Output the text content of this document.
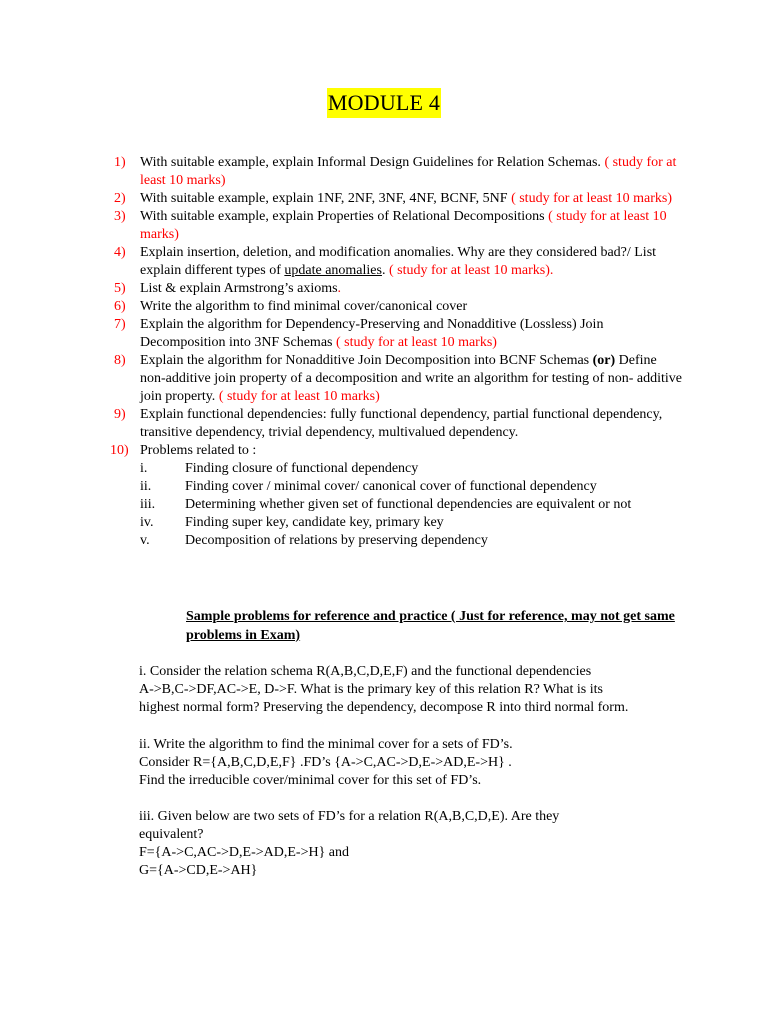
MODULE 4
1) With suitable example, explain Informal Design Guidelines for Relation Schemas. ( study for at least 10 marks)
2) With suitable example, explain 1NF, 2NF, 3NF, 4NF, BCNF, 5NF ( study for at least 10 marks)
3) With suitable example, explain Properties of Relational Decompositions ( study for at least 10 marks)
4) Explain insertion, deletion, and modification anomalies. Why are they considered bad?/ List explain different types of update anomalies. ( study for at least 10 marks).
5) List & explain Armstrong’s axioms.
6) Write the algorithm to find minimal cover/canonical cover
7) Explain the algorithm for Dependency-Preserving and Nonadditive (Lossless) Join Decomposition into 3NF Schemas ( study for at least 10 marks)
8) Explain the algorithm for Nonadditive Join Decomposition into BCNF Schemas (or) Define non-additive join property of a decomposition and write an algorithm for testing of non- additive join property. ( study for at least 10 marks)
9) Explain functional dependencies: fully functional dependency, partial functional dependency, transitive dependency, trivial dependency, multivalued dependency.
10) Problems related to :
i.	Finding closure of functional dependency
ii. Finding cover / minimal cover/ canonical cover of functional dependency
iii. Determining whether given set of functional dependencies are equivalent or not
iv. Finding super key, candidate key, primary key
v.	Decomposition of relations by preserving dependency
Sample problems for reference and practice ( Just for reference, may not get same problems in Exam)
i. Consider the relation schema R(A,B,C,D,E,F) and the functional dependencies
A->B,C->DF,AC->E, D->F. What is the primary key of this relation R? What is its
highest normal form? Preserving the dependency, decompose R into third normal form.
ii. Write the algorithm to find the minimal cover for a sets of FD’s.
Consider R={A,B,C,D,E,F} .FD’s {A->C,AC->D,E->AD,E->H} .
Find the irreducible cover/minimal cover for this set of FD’s.
iii. Given below are two sets of FD’s for a relation R(A,B,C,D,E). Are they
equivalent?
F={A->C,AC->D,E->AD,E->H} and
G={A->CD,E->AH}
